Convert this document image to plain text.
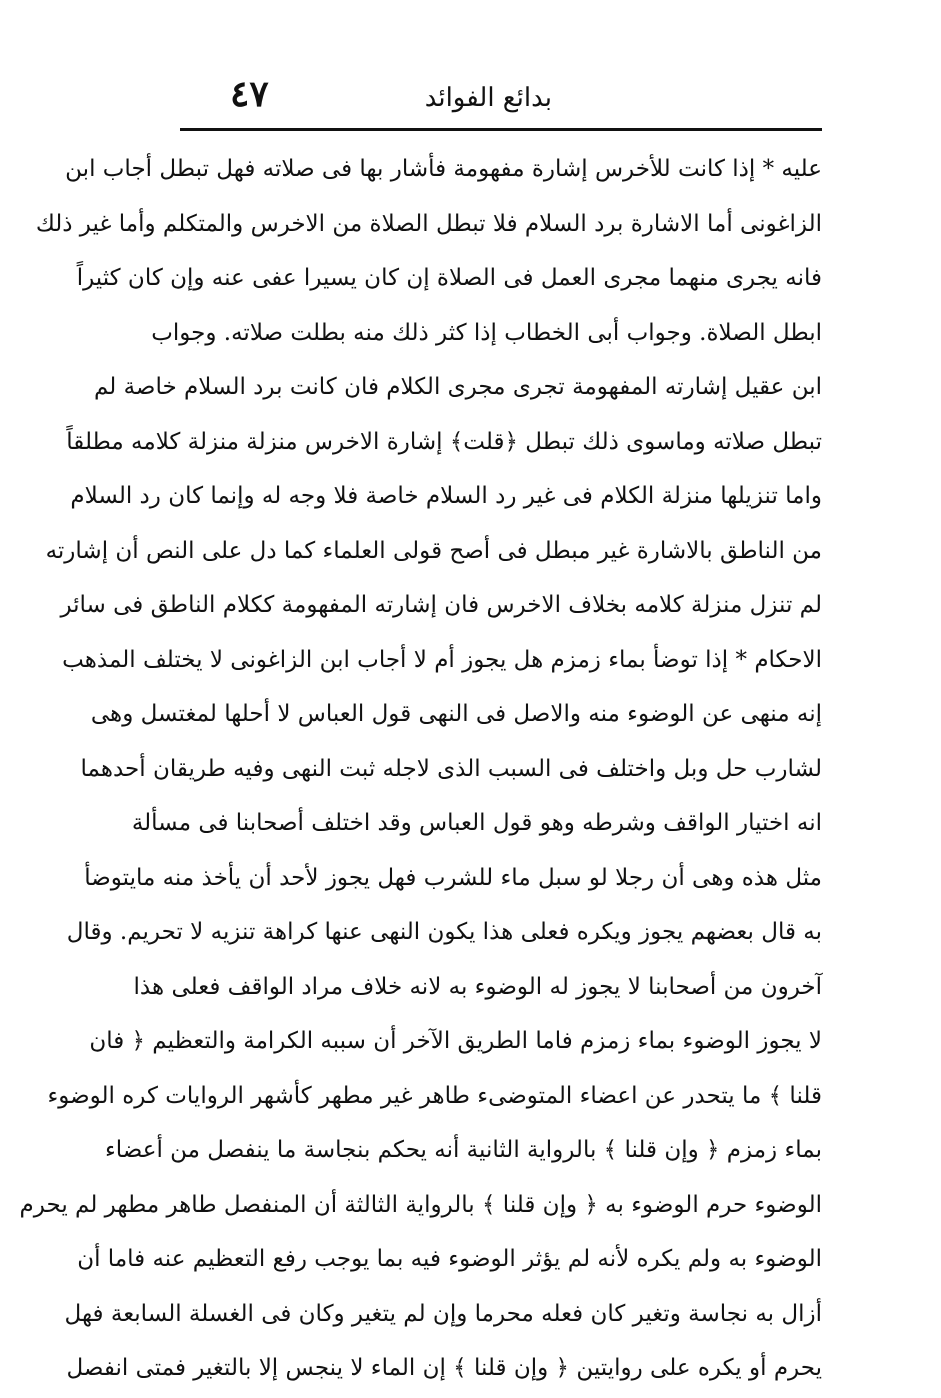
٤٧	بدائع الفوائد
عليه * إذا كانت للأخرس إشارة مفهومة فأشار بها فى صلاته فهل تبطل أجاب ابن
الزاغونى أما الاشارة برد السلام فلا تبطل الصلاة من الاخرس والمتكلم وأما غير ذلك
فانه يجرى منهما مجرى العمل فى الصلاة إن كان يسيرا عفى عنه وإن كان كثيراً
ابطل الصلاة. وجواب أبى الخطاب إذا كثر ذلك منه بطلت صلاته. وجواب
ابن عقيل إشارته المفهومة تجرى مجرى الكلام فان كانت برد السلام خاصة لم
تبطل صلاته وماسوى ذلك تبطل ﴿قلت﴾ إشارة الاخرس منزلة منزلة كلامه مطلقاً
واما تنزيلها منزلة الكلام فى غير رد السلام خاصة فلا وجه له وإنما كان رد السلام
من الناطق بالاشارة غير مبطل فى أصح قولى العلماء كما دل على النص أن إشارته
لم تنزل منزلة كلامه بخلاف الاخرس فان إشارته المفهومة ككلام الناطق فى سائر
الاحكام * إذا توضأ بماء زمزم هل يجوز أم لا أجاب ابن الزاغونى لا يختلف المذهب
إنه منهى عن الوضوء منه والاصل فى النهى قول العباس لا أحلها لمغتسل وهى
لشارب حل وبل واختلف فى السبب الذى لاجله ثبت النهى وفيه طريقان أحدهما
انه اختيار الواقف وشرطه وهو قول العباس وقد اختلف أصحابنا فى مسألة
مثل هذه وهى أن رجلا لو سبل ماء للشرب فهل يجوز لأحد أن يأخذ منه مايتوضأ
به قال بعضهم يجوز ويكره فعلى هذا يكون النهى عنها كراهة تنزيه لا تحريم. وقال
آخرون من أصحابنا لا يجوز له الوضوء به لانه خلاف مراد الواقف فعلى هذا
لا يجوز الوضوء بماء زمزم فاما الطريق الآخر أن سببه الكرامة والتعظيم ﴿ فان
قلنا ﴾ ما يتحدر عن اعضاء المتوضىء طاهر غير مطهر كأشهر الروايات كره الوضوء
بماء زمزم ﴿ وإن قلنا ﴾ بالرواية الثانية أنه يحكم بنجاسة ما ينفصل من أعضاء
الوضوء حرم الوضوء به ﴿ وإن قلنا ﴾ بالرواية الثالثة أن المنفصل طاهر مطهر لم يحرم
الوضوء به ولم يكره لأنه لم يؤثر الوضوء فيه بما يوجب رفع التعظيم عنه فاما أن
أزال به نجاسة وتغير كان فعله محرما وإن لم يتغير وكان فى الغسلة السابعة فهل
يحرم أو يكره على روايتين ﴿ وإن قلنا ﴾ إن الماء لا ينجس إلا بالتغير فمتى انفصل
